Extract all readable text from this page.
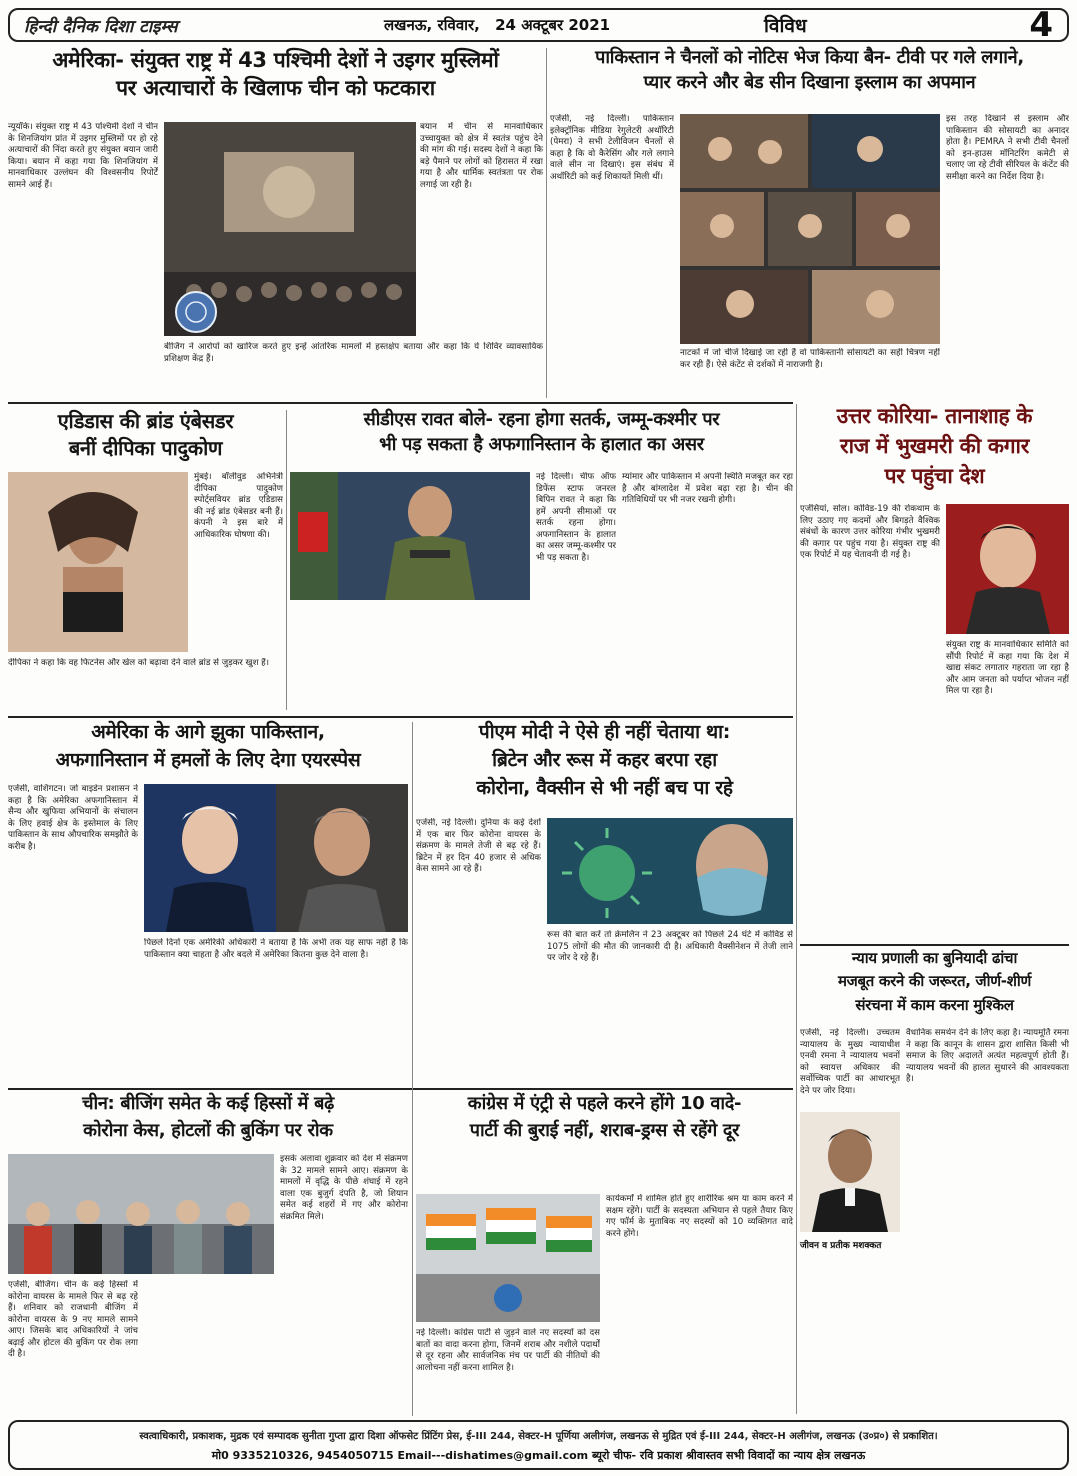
हिन्दी दैनिक दिशा टाइम्स	लखनऊ, रविवार, 24 अक्टूबर 2021	विविध	4
अमेरिका- संयुक्त राष्ट्र में 43 पश्चिमी देशों ने उइगर मुस्लिमों
पर अत्याचारों के खिलाफ चीन को फटकारा
न्यूयॉर्क। संयुक्त राष्ट्र में 43 पश्चिमी देशों ने चीन के शिनजियांग प्रांत में उइगर मुस्लिमों पर हो रहे अत्याचारों की निंदा करते हुए संयुक्त बयान जारी किया। बयान में कहा गया कि शिनजियांग में मानवाधिकार उल्लंघन की विश्वसनीय रिपोर्टें सामने आई हैं।
बयान में चीन से मानवाधिकार उच्चायुक्त को क्षेत्र में स्वतंत्र पहुंच देने की मांग की गई। सदस्य देशों ने कहा कि बड़े पैमाने पर लोगों को हिरासत में रखा गया है और धार्मिक स्वतंत्रता पर रोक लगाई जा रही है।
बीजिंग ने आरोपों को खारिज करते हुए इन्हें आंतरिक मामलों में हस्तक्षेप बताया और कहा कि ये शिविर व्यावसायिक प्रशिक्षण केंद्र हैं।
पाकिस्तान ने चैनलों को नोटिस भेज किया बैन- टीवी पर गले लगाने,
प्यार करने और बेड सीन दिखाना इस्लाम का अपमान
एजेंसी, नई दिल्ली। पाकिस्तान इलेक्ट्रॉनिक मीडिया रेगुलेटरी अथॉरिटी (पेमरा) ने सभी टेलीविजन चैनलों से कहा है कि वो कैरेसिंग और गले लगाने वाले सीन ना दिखाएं। इस संबंध में अथॉरिटी को कई शिकायतें मिली थीं।
नाटकों में जो चीजें दिखाई जा रही हैं वो पाकिस्तानी सोसायटी का सही चित्रण नहीं कर रही हैं। ऐसे कंटेंट से दर्शकों में नाराजगी है।
इस तरह दिखाने से इस्लाम और पाकिस्तान की सोसायटी का अनादर होता है। PEMRA ने सभी टीवी चैनलों को इन-हाउस मॉनिटरिंग कमेटी से चलाए जा रहे टीवी सीरियल के कंटेंट की समीक्षा करने का निर्देश दिया है।
एडिडास की ब्रांड एंबेसडर
बनीं दीपिका पादुकोण
मुंबई। बॉलीवुड अभिनेत्री दीपिका पादुकोण स्पोर्ट्सवियर ब्रांड एडिडास की नई ब्रांड एंबेसडर बनी हैं। कंपनी ने इस बारे में आधिकारिक घोषणा की।
दीपिका ने कहा कि वह फिटनेस और खेल को बढ़ावा देने वाले ब्रांड से जुड़कर खुश हैं।
सीडीएस रावत बोले- रहना होगा सतर्क, जम्मू-कश्मीर पर
भी पड़ सकता है अफगानिस्तान के हालात का असर
नई दिल्ली। चीफ ऑफ डिफेंस स्टाफ जनरल बिपिन रावत ने कहा कि हमें अपनी सीमाओं पर सतर्क रहना होगा। अफगानिस्तान के हालात का असर जम्मू-कश्मीर पर भी पड़ सकता है।
म्यांमार और पाकिस्तान में अपनी स्थिति मजबूत कर रहा है और बांग्लादेश में प्रवेश बढ़ा रहा है। चीन की गतिविधियों पर भी नजर रखनी होगी।
उत्तर कोरिया- तानाशाह के
राज में भुखमरी की कगार
पर पहुंचा देश
एजेंसियां, सोल। कोविड-19 की रोकथाम के लिए उठाए गए कदमों और बिगड़ते वैश्विक संबंधों के कारण उत्तर कोरिया गंभीर भुखमरी की कगार पर पहुंच गया है। संयुक्त राष्ट्र की एक रिपोर्ट में यह चेतावनी दी गई है।
संयुक्त राष्ट्र के मानवाधिकार समिति को सौंपी रिपोर्ट में कहा गया कि देश में खाद्य संकट लगातार गहराता जा रहा है और आम जनता को पर्याप्त भोजन नहीं मिल पा रहा है।
अमेरिका के आगे झुका पाकिस्तान,
अफगानिस्तान में हमलों के लिए देगा एयरस्पेस
एजेंसी, वाशिंगटन। जो बाइडेन प्रशासन ने कहा है कि अमेरिका अफगानिस्तान में सैन्य और खुफिया अभियानों के संचालन के लिए हवाई क्षेत्र के इस्तेमाल के लिए पाकिस्तान के साथ औपचारिक समझौते के करीब है।
पिछले दिनों एक अमेरिकी अधिकारी ने बताया है कि अभी तक यह साफ नहीं है कि पाकिस्तान क्या चाहता है और बदले में अमेरिका कितना कुछ देने वाला है।
पीएम मोदी ने ऐसे ही नहीं चेताया था:
ब्रिटेन और रूस में कहर बरपा रहा
कोरोना, वैक्सीन से भी नहीं बच पा रहे
एजेंसी, नई दिल्ली। दुनिया के कई देशों में एक बार फिर कोरोना वायरस के संक्रमण के मामले तेजी से बढ़ रहे हैं। ब्रिटेन में हर दिन 40 हजार से अधिक केस सामने आ रहे हैं।
रूस की बात करें तो क्रेमलिन ने 23 अक्टूबर को पिछले 24 घंटे में कोविड से 1075 लोगों की मौत की जानकारी दी है। अधिकारी वैक्सीनेशन में तेजी लाने पर जोर दे रहे हैं।	न्याय प्रणाली का बुनियादी ढांचा
मजबूत करने की जरूरत, जीर्ण-शीर्ण
संरचना में काम करना मुश्किल
एजेंसी, नई दिल्ली। उच्चतम न्यायालय के मुख्य न्यायाधीश एनवी रमना ने न्यायालय भवनों को स्वायत्त अधिकार की सर्वोच्चिक पार्टी का आधारभूत देने पर जोर दिया।
जीवन व प्रतीक मशक्कत
वैधानिक समर्थन देने के लिए कहा है। न्यायमूर्ति रमना ने कहा कि कानून के शासन द्वारा शासित किसी भी समाज के लिए अदालतें अत्यंत महत्वपूर्ण होती हैं। न्यायालय भवनों की हालत सुधारने की आवश्यकता है।
चीन: बीजिंग समेत के कई हिस्सों में बढ़े
कोरोना केस, होटलों की बुकिंग पर रोक
एजेंसी, बीजिंग। चीन के कई हिस्सों में कोरोना वायरस के मामले फिर से बढ़ रहे हैं। शनिवार को राजधानी बीजिंग में कोरोना वायरस के 9 नए मामले सामने आए। जिसके बाद अधिकारियों ने जांच बढ़ाई और होटल की बुकिंग पर रोक लगा दी है।
इसके अलावा शुक्रवार को देश में संक्रमण के 32 मामले सामने आए। संक्रमण के मामलों में वृद्धि के पीछे शंघाई में रहने वाला एक बुजुर्ग दंपति है, जो शियान समेत कई शहरों में गए और कोरोना संक्रमित मिले।
कांग्रेस में एंट्री से पहले करने होंगे 10 वादे-
पार्टी की बुराई नहीं, शराब-ड्रग्स से रहेंगे दूर
नई दिल्ली। कांग्रेस पार्टी से जुड़ने वाले नए सदस्यों को दस बातों का वादा करना होगा, जिनमें शराब और नशीले पदार्थों से दूर रहना और सार्वजनिक मंच पर पार्टी की नीतियों की आलोचना नहीं करना शामिल है।
कार्यकर्मों में शामिल होते हुए शारीरिक श्रम या काम करने में सक्षम रहेंगे। पार्टी के सदस्यता अभियान से पहले तैयार किए गए फॉर्म के मुताबिक नए सदस्यों को 10 व्यक्तिगत वादे करने होंगे।
स्वत्वाधिकारी, प्रकाशक, मुद्रक एवं सम्पादक सुनीता गुप्ता द्वारा दिशा ऑफसेट प्रिंटिंग प्रेस, ई-III 244, सेक्टर-H पूर्णिया अलीगंज, लखनऊ से मुद्रित एवं ई-III 244, सेक्टर-H अलीगंज, लखनऊ (उ०प्र०) से प्रकाशित।
मो0 9335210326, 9454050715 Email---dishatimes@gmail.com ब्यूरो चीफ- रवि प्रकाश श्रीवास्तव सभी विवादों का न्याय क्षेत्र लखनऊ
